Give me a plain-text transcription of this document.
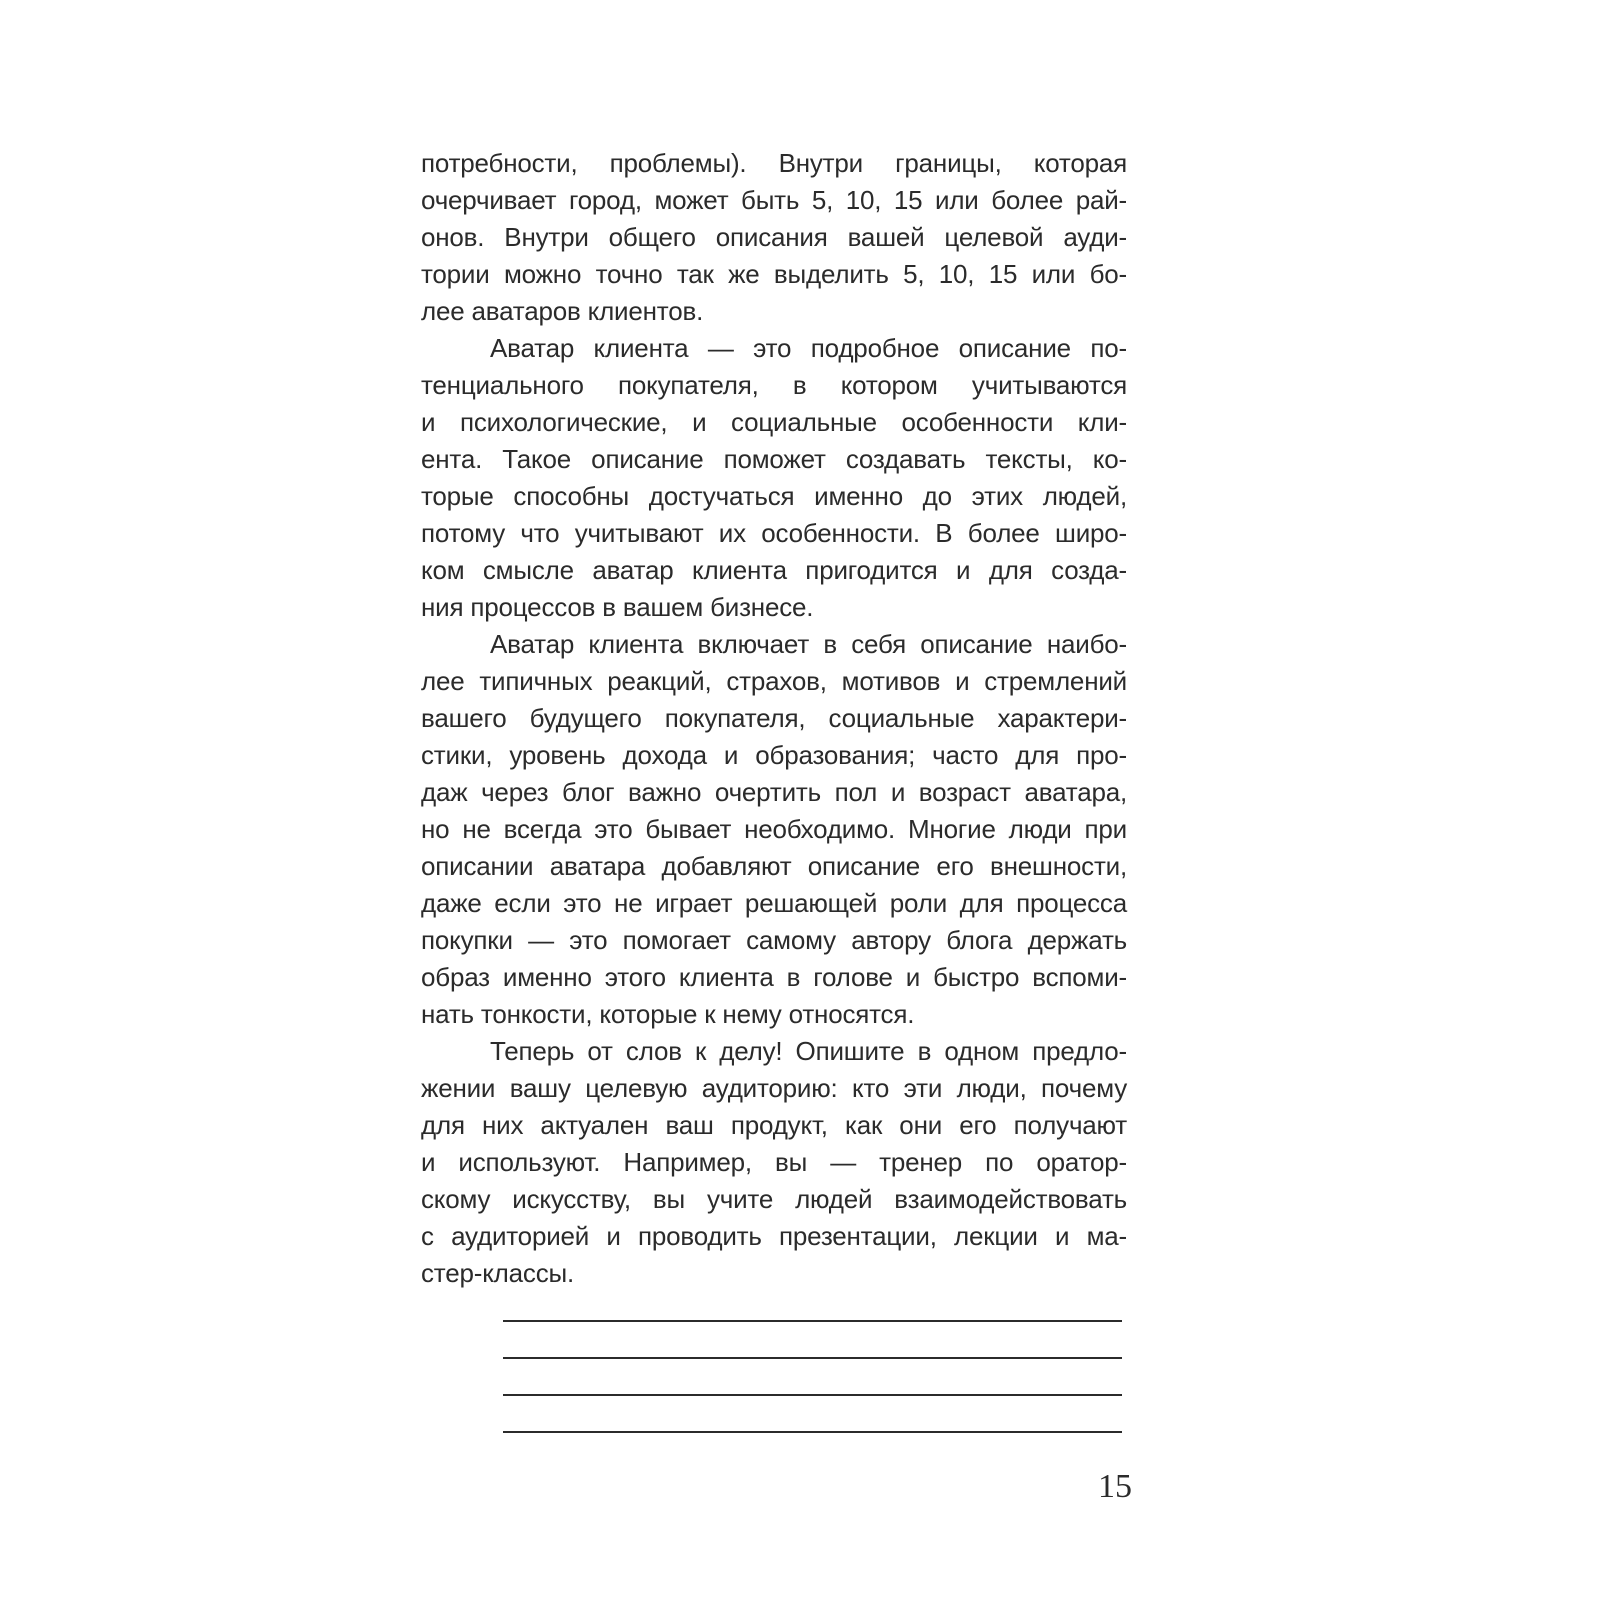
потребности, проблемы). Внутри границы, которая
очерчивает город, может быть 5, 10, 15 или более рай-
онов. Внутри общего описания вашей целевой ауди-
тории можно точно так же выделить 5, 10, 15 или бо-
лее аватаров клиентов.
Аватар клиента — это подробное описание по-
тенциального покупателя, в котором учитываются
и психологические, и социальные особенности кли-
ента. Такое описание поможет создавать тексты, ко-
торые способны достучаться именно до этих людей,
потому что учитывают их особенности. В более широ-
ком смысле аватар клиента пригодится и для созда-
ния процессов в вашем бизнесе.
Аватар клиента включает в себя описание наибо-
лее типичных реакций, страхов, мотивов и стремлений
вашего будущего покупателя, социальные характери-
стики, уровень дохода и образования; часто для про-
даж через блог важно очертить пол и возраст аватара,
но не всегда это бывает необходимо. Многие люди при
описании аватара добавляют описание его внешности,
даже если это не играет решающей роли для процесса
покупки — это помогает самому автору блога держать
образ именно этого клиента в голове и быстро вспоми-
нать тонкости, которые к нему относятся.
Теперь от слов к делу! Опишите в одном предло-
жении вашу целевую аудиторию: кто эти люди, почему
для них актуален ваш продукт, как они его получают
и используют. Например, вы — тренер по оратор-
скому искусству, вы учите людей взаимодействовать
с аудиторией и проводить презентации, лекции и ма-
стер-классы.
15
